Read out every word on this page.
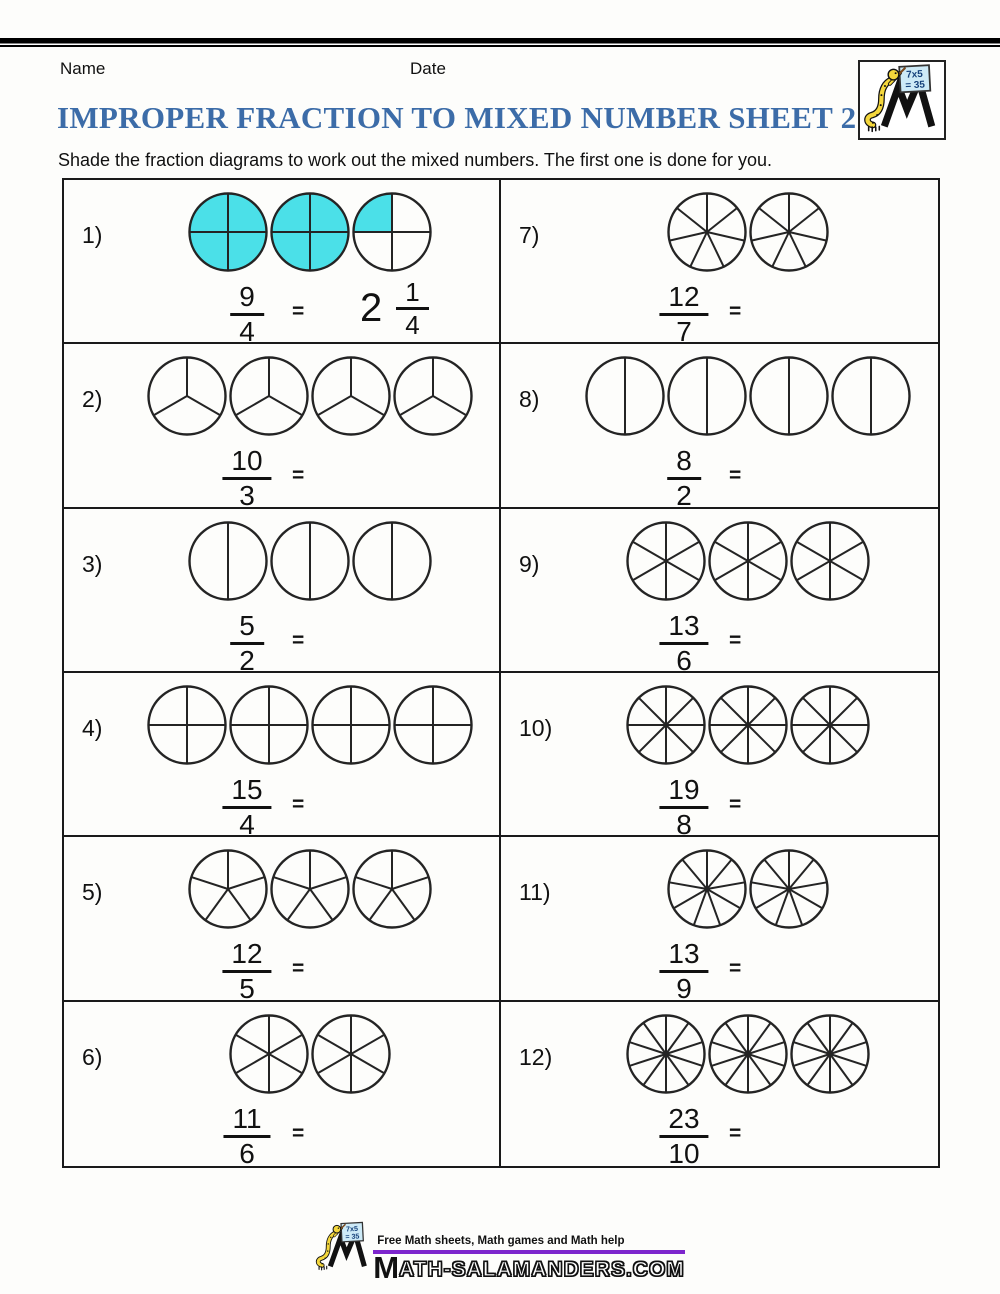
Name	Date	7x5
= 35
IMPROPER FRACTION TO MIXED NUMBER SHEET 2
Shade the fraction diagrams to work out the mixed numbers. The first one is done for you.
1)
$\frac{9}{4} = 2 \frac{1}{4}$
7)
$\frac{12}{7}$ =
2)
$\frac{10}{3}$ =
8)
$\frac{8}{2}$ =
3)
$\frac{5}{2}$ =
9)
$\frac{13}{6}$ =
4)
$\frac{15}{4}$ =
10)
$\frac{19}{8}$ =
5)
$\frac{12}{5}$ =
11)
$\frac{13}{9}$ =
6)
$\frac{11}{6}$ =
12)
$\frac{23}{10}$ =
7x5
= 35	Free Math sheets, Math games and Math help
M ATH-SALAMANDERS.COM
